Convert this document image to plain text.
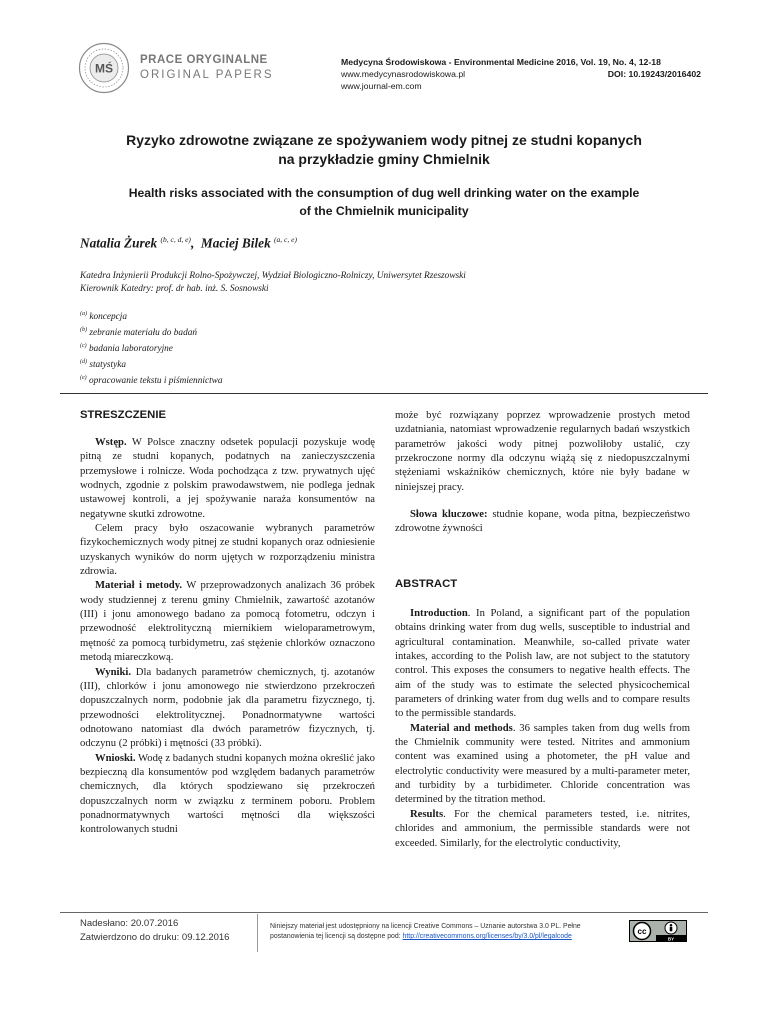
MŚ
PRACE ORYGINALNE
ORIGINAL PAPERS
Medycyna Środowiskowa - Environmental Medicine 2016, Vol. 19, No. 4, 12-18
www.medycynasrodowiskowa.pl	DOI: 10.19243/2016402
www.journal-em.com
Ryzyko zdrowotne związane ze spożywaniem wody pitnej ze studni kopanych
na przykładzie gminy Chmielnik
Health risks associated with the consumption of dug well drinking water on the example
of the Chmielnik municipality
Natalia Żurek $^{(b, c, d, e)}$, Maciej Bilek $^{(a, c, e)}$
Katedra Inżynierii Produkcji Rolno-Spożywczej, Wydział Biologiczno-Rolniczy, Uniwersytet Rzeszowski
Kierownik Katedry: prof. dr hab. inż. S. Sosnowski
$^{(a)}$ koncepcja
$^{(b)}$ zebranie materiału do badań
$^{(c)}$ badania laboratoryjne
$^{(d)}$ statystyka
$^{(e)}$ opracowanie tekstu i piśmiennictwa
STRESZCZENIE

Wstęp. W Polsce znaczny odsetek populacji pozyskuje wodę pitną ze studni kopanych, podatnych na zanieczyszczenia przemysłowe i rolnicze. Woda pochodząca z tzw. prywatnych ujęć wodnych, zgodnie z polskim prawodawstwem, nie podlega jednak ustawowej kontroli, a jej spożywanie naraża konsumentów na negatywne skutki zdrowotne.

Celem pracy było oszacowanie wybranych parametrów fizykochemicznych wody pitnej ze studni kopanych oraz odniesienie uzyskanych wyników do norm ujętych w rozporządzeniu ministra zdrowia.

Materiał i metody. W przeprowadzonych analizach 36 próbek wody studziennej z terenu gminy Chmielnik, zawartość azotanów (III) i jonu amonowego badano za pomocą fotometru, odczyn i przewodność elektrolityczną miernikiem wieloparametrowym, mętność za pomocą turbidymetru, zaś stężenie chlorków oznaczono metodą miareczkową.

Wyniki. Dla badanych parametrów chemicznych, tj. azotanów (III), chlorków i jonu amonowego nie stwierdzono przekroczeń dopuszczalnych norm, podobnie jak dla parametru fizycznego, tj. przewodności elektrolitycznej. Ponadnormatywne wartości odnotowano natomiast dla dwóch parametrów fizycznych, tj. odczynu (2 próbki) i mętności (33 próbki).

Wnioski. Wodę z badanych studni kopanych można określić jako bezpieczną dla konsumentów pod względem badanych parametrów chemicznych, dla których spodziewano się przekroczeń dopuszczalnych norm w związku z terminem poboru. Problem ponadnormatywnych wartości mętności dla większości kontrolowanych studni

może być rozwiązany poprzez wprowadzenie prostych metod uzdatniania, natomiast wprowadzenie regularnych badań wszystkich parametrów jakości wody pitnej pozwoliłoby ustalić, czy przekroczone normy dla odczynu wiążą się z niedopuszczalnymi stężeniami wskaźników chemicznych, które nie były badane w niniejszej pracy.

Słowa kluczowe: studnie kopane, woda pitna, bezpieczeństwo zdrowotne żywności

ABSTRACT

Introduction. In Poland, a significant part of the population obtains drinking water from dug wells, susceptible to industrial and agricultural contamination. Meanwhile, so-called private water intakes, according to the Polish law, are not subject to the statutory control. This exposes the consumers to negative health effects. The aim of the study was to estimate the selected physicochemical parameters of drinking water from dug wells and to compare results to the permissible standards.

Material and methods. 36 samples taken from dug wells from the Chmielnik community were tested. Nitrites and ammonium content was examined using a photometer, the pH value and electrolytic conductivity were measured by a multi-parameter meter, and turbidity by a turbidimeter. Chloride concentration was determined by the titration method.

Results. For the chemical parameters tested, i.e. nitrites, chlorides and ammonium, the permissible standards were not exceeded. Similarly, for the electrolytic conductivity,

Nadesłano: 20.07.2016
Zatwierdzono do druku: 09.12.2016
Niniejszy materiał jest udostępniony na licencji Creative Commons – Uznanie autorstwa 3.0 PL. Pełne postanowienia tej licencji są dostępne pod: http://creativecommons.org/licenses/by/3.0/pl/legalcode
cc
BY
